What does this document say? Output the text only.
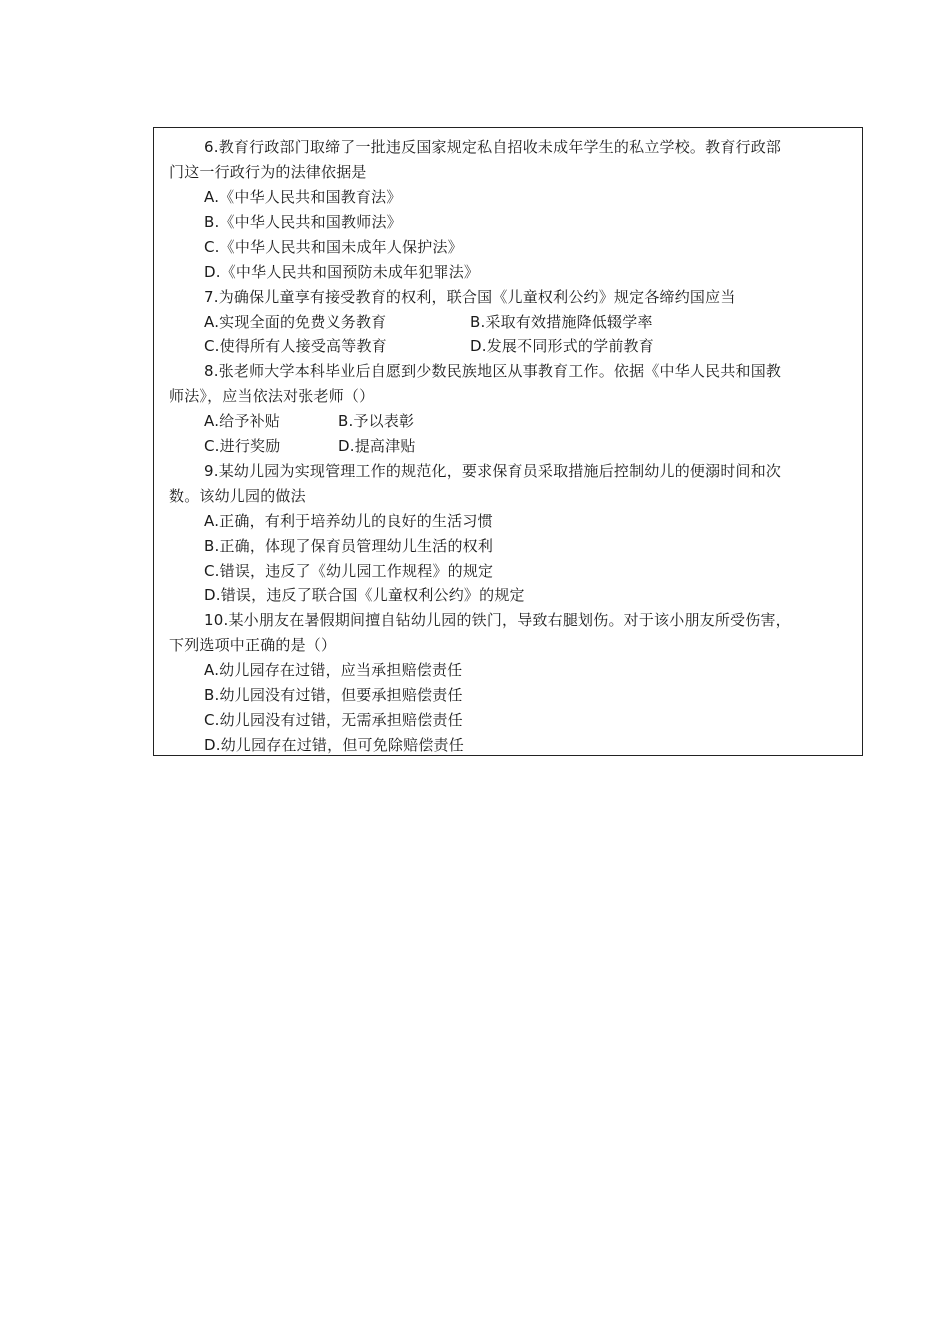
6.教育行政部门取缔了一批违反国家规定私自招收未成年学生的私立学校。教育行政部
门这一行政行为的法律依据是
A.《中华人民共和国教育法》
B.《中华人民共和国教师法》
C.《中华人民共和国未成年人保护法》
D.《中华人民共和国预防未成年犯罪法》
7.为确保儿童享有接受教育的权利，联合国《儿童权利公约》规定各缔约国应当
A.实现全面的免费义务教育	B.采取有效措施降低辍学率
C.使得所有人接受高等教育	D.发展不同形式的学前教育
8.张老师大学本科毕业后自愿到少数民族地区从事教育工作。依据《中华人民共和国教
师法》，应当依法对张老师（）
A.给予补贴	B.予以表彰
C.进行奖励	D.提高津贴
9.某幼儿园为实现管理工作的规范化，要求保育员采取措施后控制幼儿的便溺时间和次
数。该幼儿园的做法
A.正确，有利于培养幼儿的良好的生活习惯
B.正确，体现了保育员管理幼儿生活的权利
C.错误，违反了《幼儿园工作规程》的规定
D.错误，违反了联合国《儿童权利公约》的规定
10.某小朋友在暑假期间擅自钻幼儿园的铁门，导致右腿划伤。对于该小朋友所受伤害，
下列选项中正确的是（）
A.幼儿园存在过错，应当承担赔偿责任
B.幼儿园没有过错，但要承担赔偿责任
C.幼儿园没有过错，无需承担赔偿责任
D.幼儿园存在过错，但可免除赔偿责任
